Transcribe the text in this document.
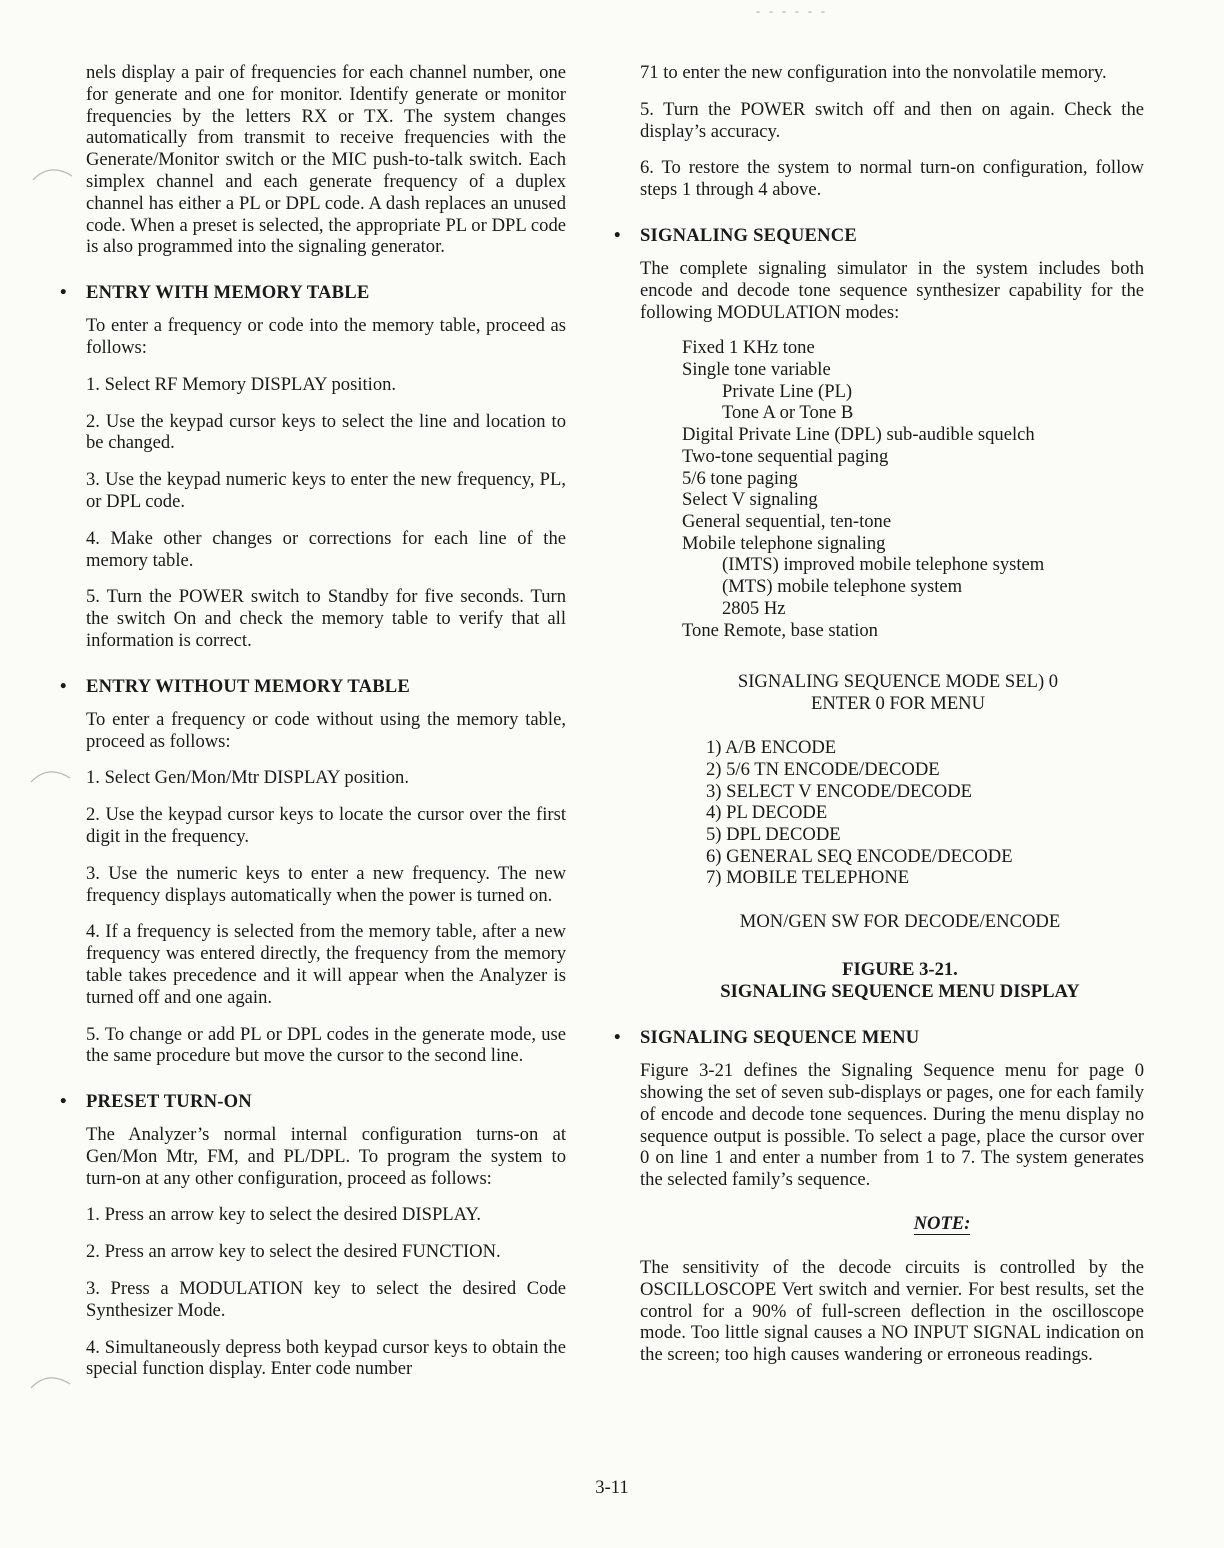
- - - - - -

nels display a pair of frequencies for each channel number, one for generate and one for monitor. Identify generate or monitor frequencies by the letters RX or TX. The system changes automatically from transmit to receive frequencies with the Generate/Monitor switch or the MIC push-to-talk switch. Each simplex channel and each generate frequency of a duplex channel has either a PL or DPL code. A dash replaces an unused code. When a preset is selected, the appropriate PL or DPL code is also programmed into the signaling generator.

• ENTRY WITH MEMORY TABLE

To enter a frequency or code into the memory table, proceed as follows:

1. Select RF Memory DISPLAY position.

2. Use the keypad cursor keys to select the line and location to be changed.

3. Use the keypad numeric keys to enter the new frequency, PL, or DPL code.

4. Make other changes or corrections for each line of the memory table.

5. Turn the POWER switch to Standby for five seconds. Turn the switch On and check the memory table to verify that all information is correct.

• ENTRY WITHOUT MEMORY TABLE

To enter a frequency or code without using the memory table, proceed as follows:

1. Select Gen/Mon/Mtr DISPLAY position.

2. Use the keypad cursor keys to locate the cursor over the first digit in the frequency.

3. Use the numeric keys to enter a new frequency. The new frequency displays automatically when the power is turned on.

4. If a frequency is selected from the memory table, after a new frequency was entered directly, the frequency from the memory table takes precedence and it will appear when the Analyzer is turned off and one again.

5. To change or add PL or DPL codes in the generate mode, use the same procedure but move the cursor to the second line.

• PRESET TURN-ON

The Analyzer’s normal internal configuration turns-on at Gen/Mon Mtr, FM, and PL/DPL. To program the system to turn-on at any other configuration, proceed as follows:

1. Press an arrow key to select the desired DISPLAY.

2. Press an arrow key to select the desired FUNCTION.

3. Press a MODULATION key to select the desired Code Synthesizer Mode.

4. Simultaneously depress both keypad cursor keys to obtain the special function display. Enter code number

71 to enter the new configuration into the nonvolatile memory.

5. Turn the POWER switch off and then on again. Check the display’s accuracy.

6. To restore the system to normal turn-on configuration, follow steps 1 through 4 above.

• SIGNALING SEQUENCE

The complete signaling simulator in the system includes both encode and decode tone sequence synthesizer capability for the following MODULATION modes:

Fixed 1 KHz tone
Single tone variable
Private Line (PL)
Tone A or Tone B
Digital Private Line (DPL) sub-audible squelch
Two-tone sequential paging
5/6 tone paging
Select V signaling
General sequential, ten-tone
Mobile telephone signaling
(IMTS) improved mobile telephone system
(MTS) mobile telephone system
2805 Hz
Tone Remote, base station
SIGNALING SEQUENCE MODE SEL) 0
ENTER 0 FOR MENU
1) A/B ENCODE
2) 5/6 TN ENCODE/DECODE
3) SELECT V ENCODE/DECODE
4) PL DECODE
5) DPL DECODE
6) GENERAL SEQ ENCODE/DECODE
7) MOBILE TELEPHONE
MON/GEN SW FOR DECODE/ENCODE
FIGURE 3-21.
SIGNALING SEQUENCE MENU DISPLAY
• SIGNALING SEQUENCE MENU

Figure 3-21 defines the Signaling Sequence menu for page 0 showing the set of seven sub-displays or pages, one for each family of encode and decode tone sequences. During the menu display no sequence output is possible. To select a page, place the cursor over 0 on line 1 and enter a number from 1 to 7. The system generates the selected family’s sequence.

NOTE:

The sensitivity of the decode circuits is controlled by the OSCILLOSCOPE Vert switch and vernier. For best results, set the control for a 90% of full-screen deflection in the oscilloscope mode. Too little signal causes a NO INPUT SIGNAL indication on the screen; too high causes wandering or erroneous readings.

3-11
